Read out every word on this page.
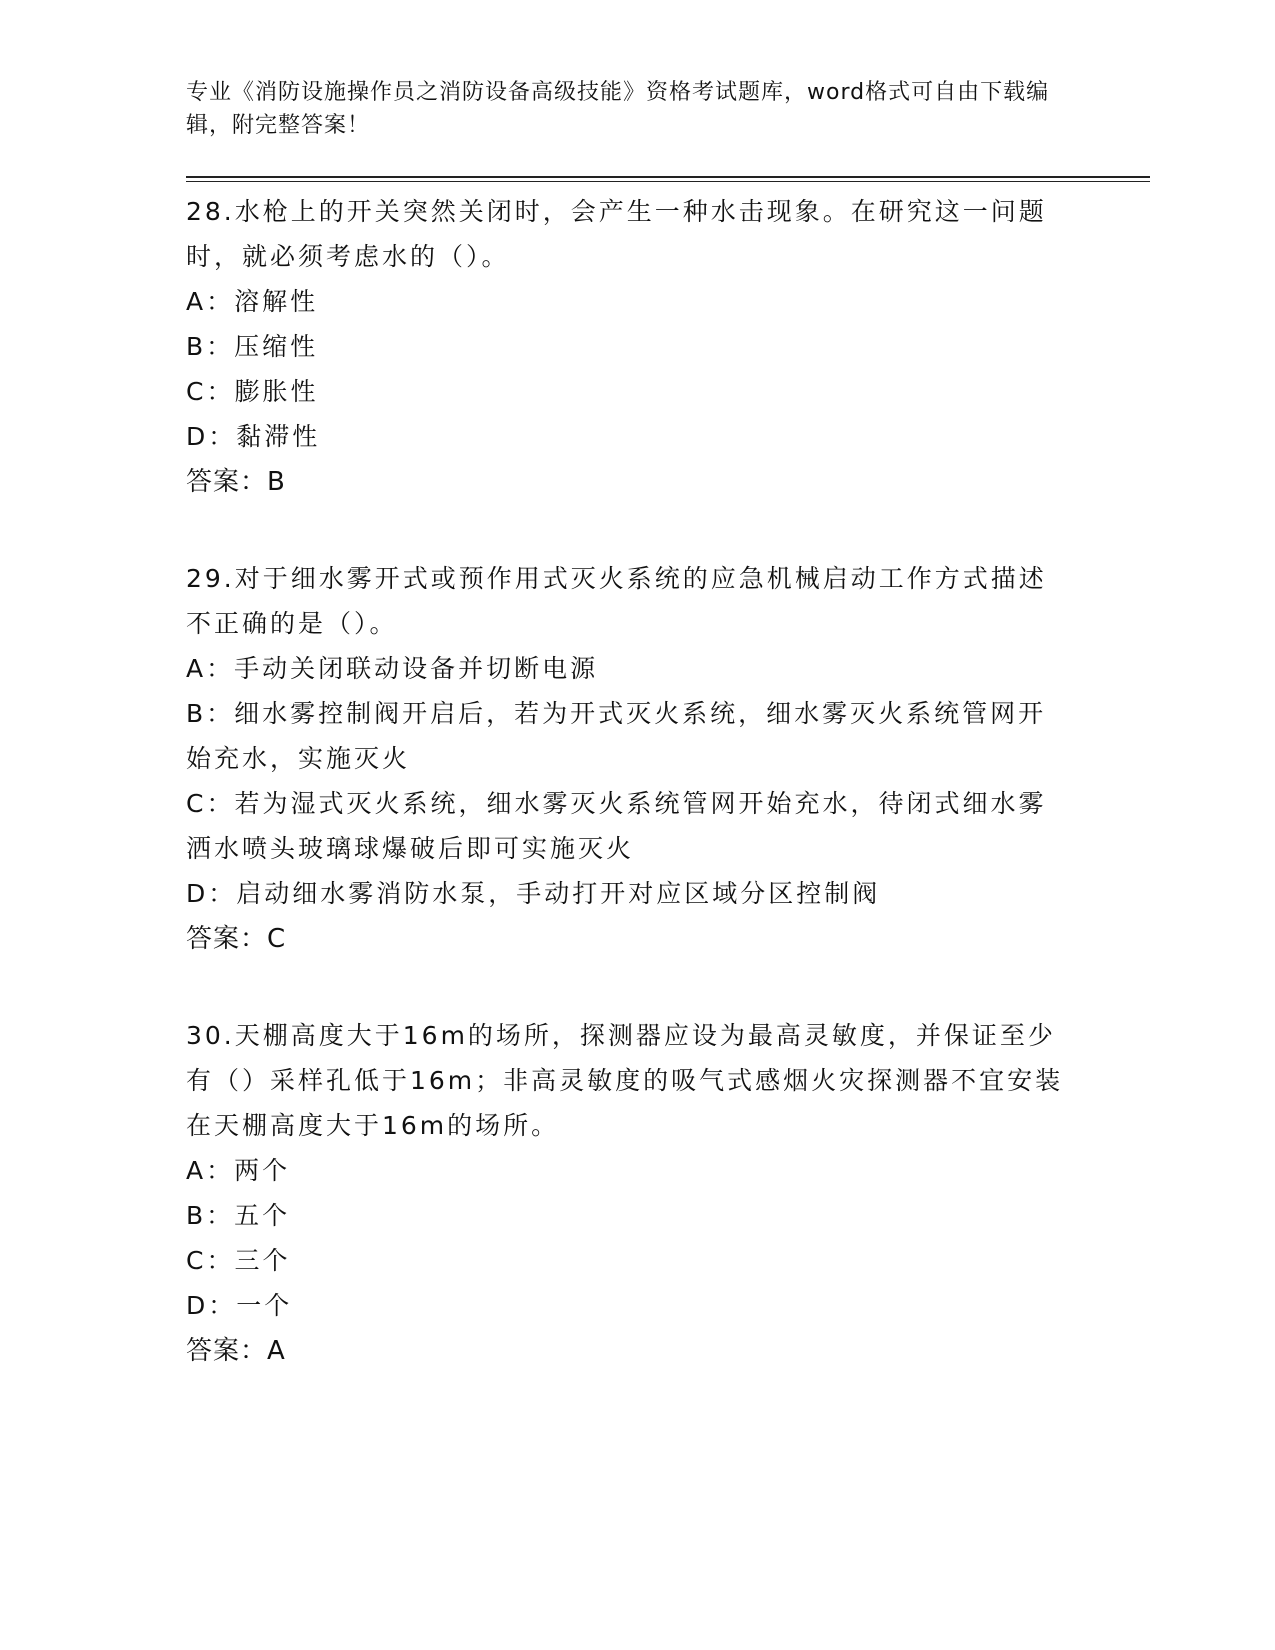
专业《消防设施操作员之消防设备高级技能》资格考试题库，word格式可自由下载编辑，附完整答案！
28.水枪上的开关突然关闭时，会产生一种水击现象。在研究这一问题时，就必须考虑水的（）。
A：溶解性
B：压缩性
C：膨胀性
D：黏滞性
答案：B
29.对于细水雾开式或预作用式灭火系统的应急机械启动工作方式描述不正确的是（）。
A：手动关闭联动设备并切断电源
B：细水雾控制阀开启后，若为开式灭火系统，细水雾灭火系统管网开始充水，实施灭火
C：若为湿式灭火系统，细水雾灭火系统管网开始充水，待闭式细水雾洒水喷头玻璃球爆破后即可实施灭火
D：启动细水雾消防水泵，手动打开对应区域分区控制阀
答案：C
30.天棚高度大于16m的场所，探测器应设为最高灵敏度，并保证至少有（）采样孔低于16m；非高灵敏度的吸气式感烟火灾探测器不宜安装在天棚高度大于16m的场所。
A：两个
B：五个
C：三个
D：一个
答案：A
